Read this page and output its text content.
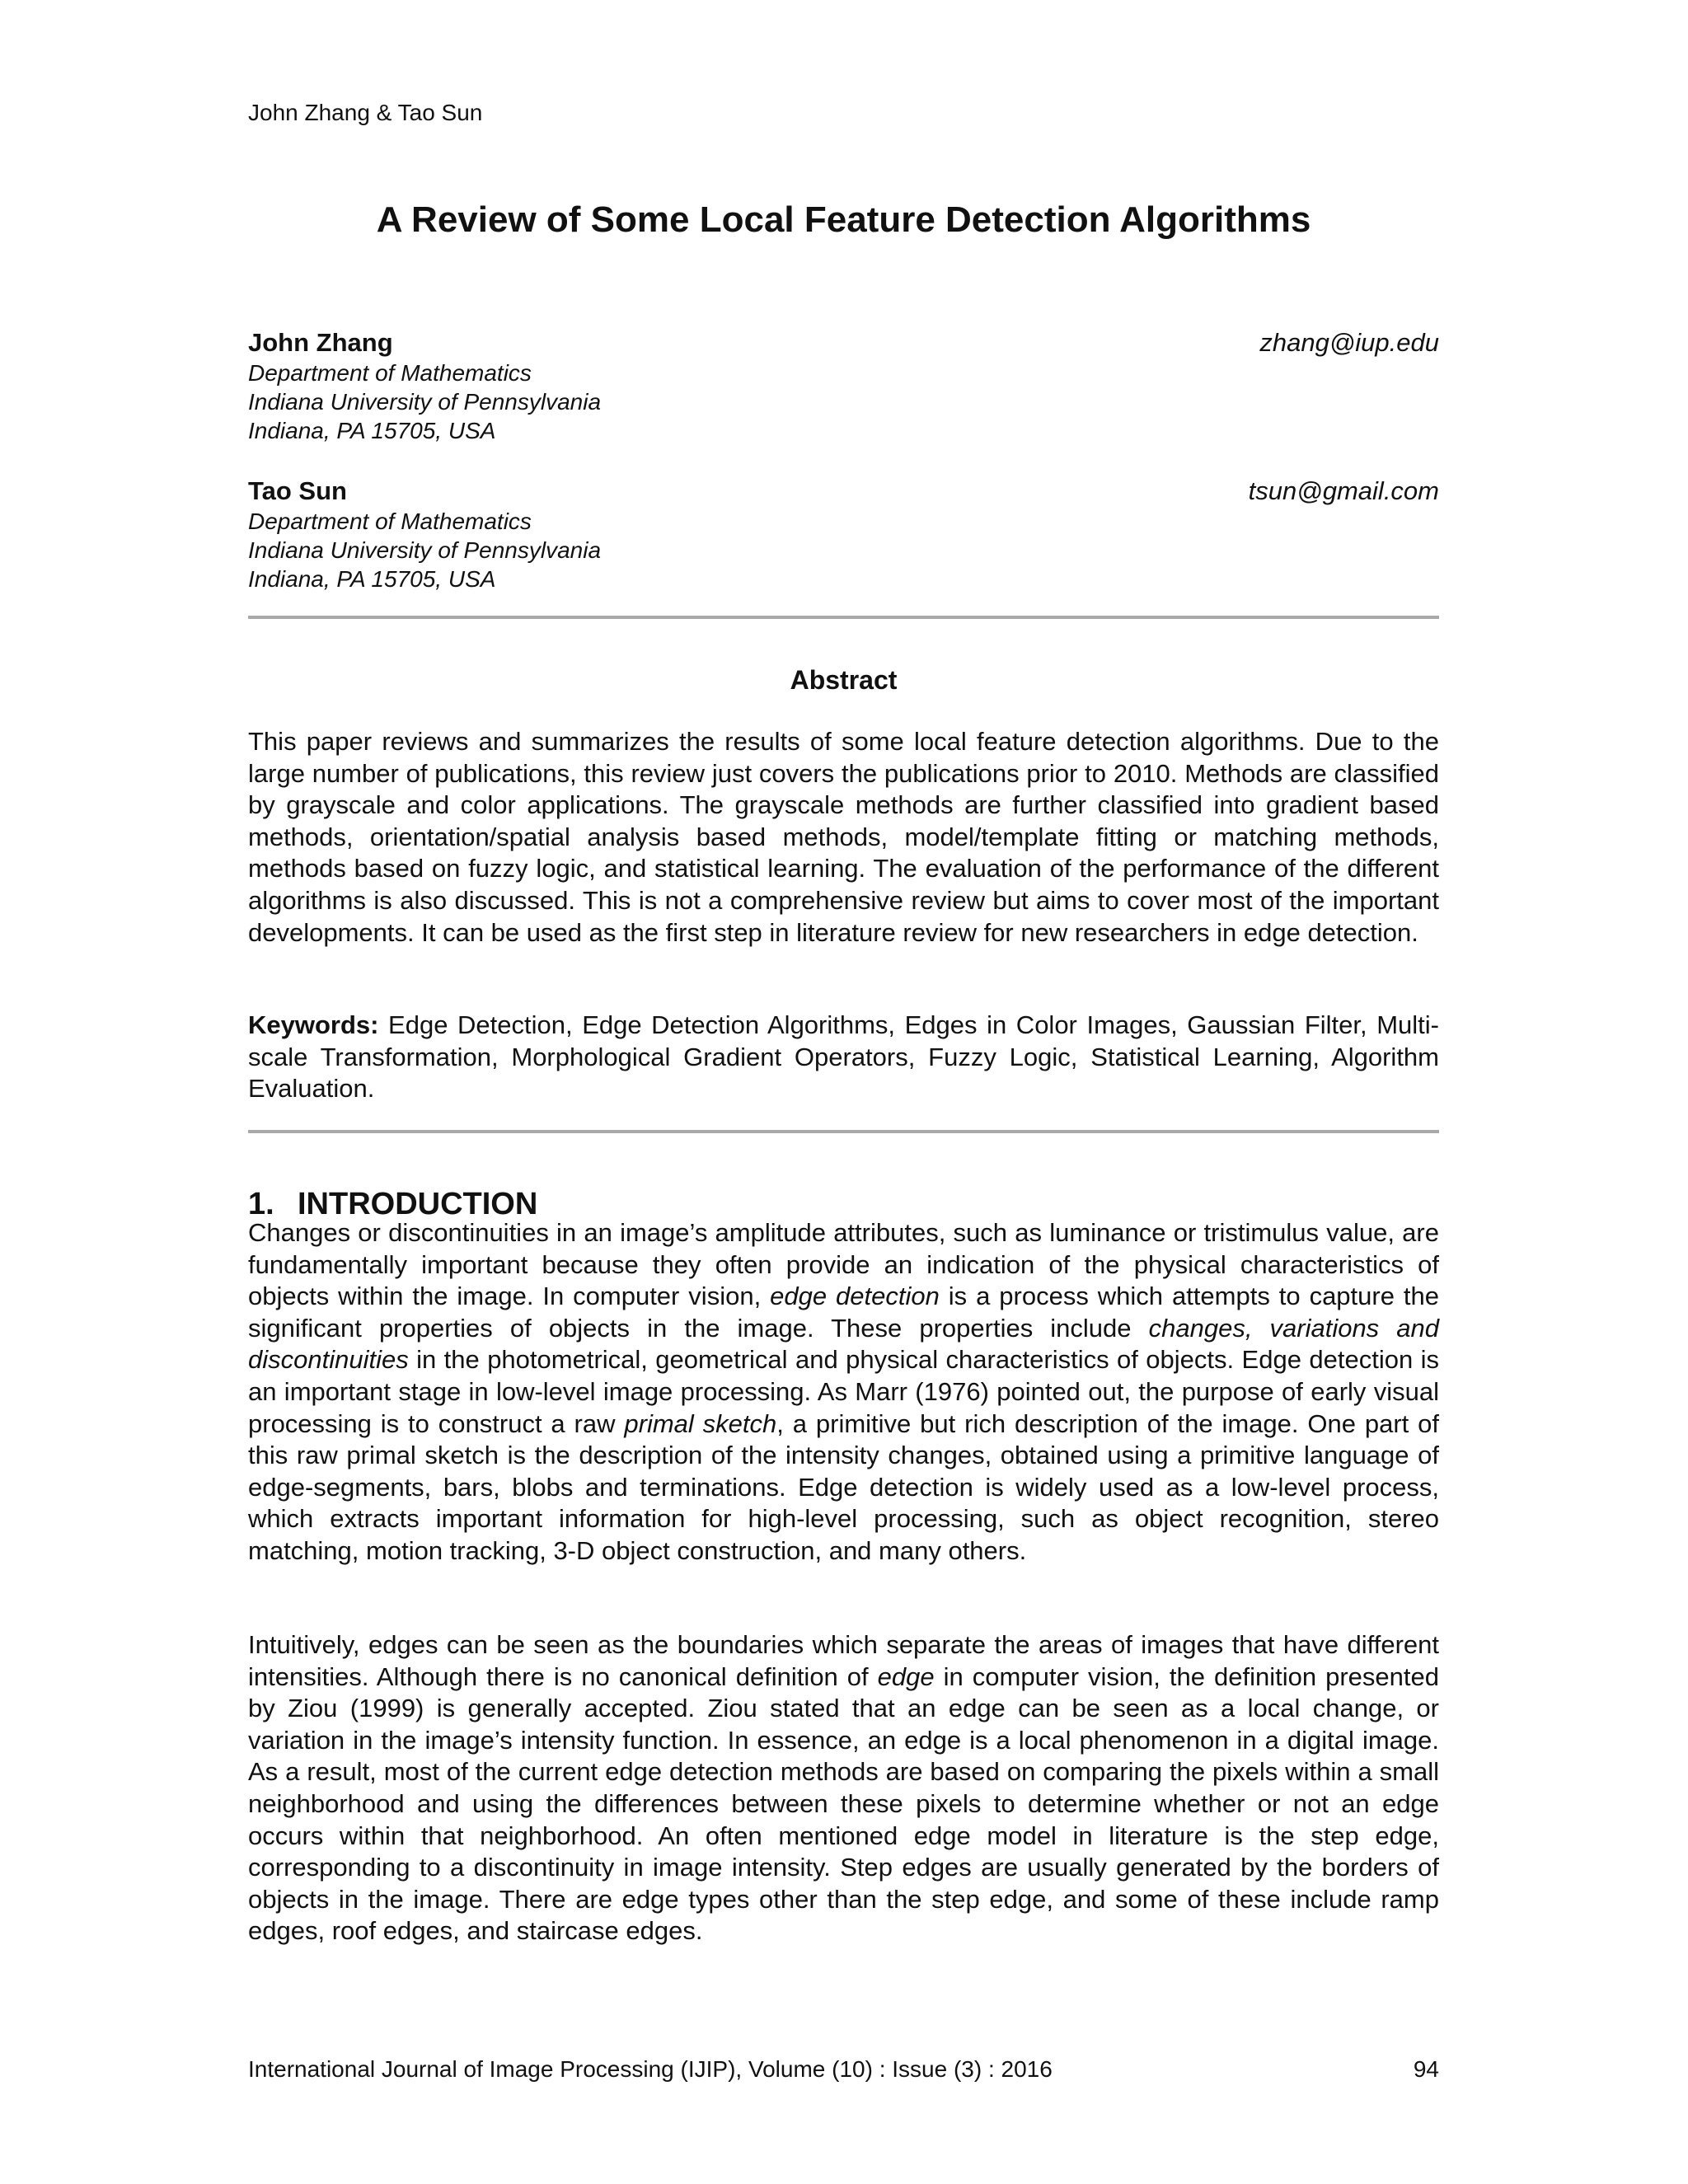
John Zhang & Tao Sun
A Review of Some Local Feature Detection Algorithms
John Zhang	zhang@iup.edu
Department of Mathematics
Indiana University of Pennsylvania
Indiana, PA 15705, USA
Tao Sun	tsun@gmail.com
Department of Mathematics
Indiana University of Pennsylvania
Indiana, PA 15705, USA
Abstract
This paper reviews and summarizes the results of some local feature detection algorithms. Due to the large number of publications, this review just covers the publications prior to 2010. Methods are classified by grayscale and color applications. The grayscale methods are further classified into gradient based methods, orientation/spatial analysis based methods, model/template fitting or matching methods, methods based on fuzzy logic, and statistical learning. The evaluation of the performance of the different algorithms is also discussed. This is not a comprehensive review but aims to cover most of the important developments. It can be used as the first step in literature review for new researchers in edge detection.
Keywords: Edge Detection, Edge Detection Algorithms, Edges in Color Images, Gaussian Filter, Multi-scale Transformation, Morphological Gradient Operators, Fuzzy Logic, Statistical Learning, Algorithm Evaluation.
1. INTRODUCTION
Changes or discontinuities in an image’s amplitude attributes, such as luminance or tristimulus value, are fundamentally important because they often provide an indication of the physical characteristics of objects within the image. In computer vision, edge detection is a process which attempts to capture the significant properties of objects in the image. These properties include changes, variations and discontinuities in the photometrical, geometrical and physical characteristics of objects. Edge detection is an important stage in low-level image processing. As Marr (1976) pointed out, the purpose of early visual processing is to construct a raw primal sketch, a primitive but rich description of the image. One part of this raw primal sketch is the description of the intensity changes, obtained using a primitive language of edge-segments, bars, blobs and terminations. Edge detection is widely used as a low-level process, which extracts important information for high-level processing, such as object recognition, stereo matching, motion tracking, 3-D object construction, and many others.
Intuitively, edges can be seen as the boundaries which separate the areas of images that have different intensities. Although there is no canonical definition of edge in computer vision, the definition presented by Ziou (1999) is generally accepted. Ziou stated that an edge can be seen as a local change, or variation in the image’s intensity function. In essence, an edge is a local phenomenon in a digital image. As a result, most of the current edge detection methods are based on comparing the pixels within a small neighborhood and using the differences between these pixels to determine whether or not an edge occurs within that neighborhood. An often mentioned edge model in literature is the step edge, corresponding to a discontinuity in image intensity. Step edges are usually generated by the borders of objects in the image. There are edge types other than the step edge, and some of these include ramp edges, roof edges, and staircase edges.
International Journal of Image Processing (IJIP), Volume (10) : Issue (3) : 2016	94
